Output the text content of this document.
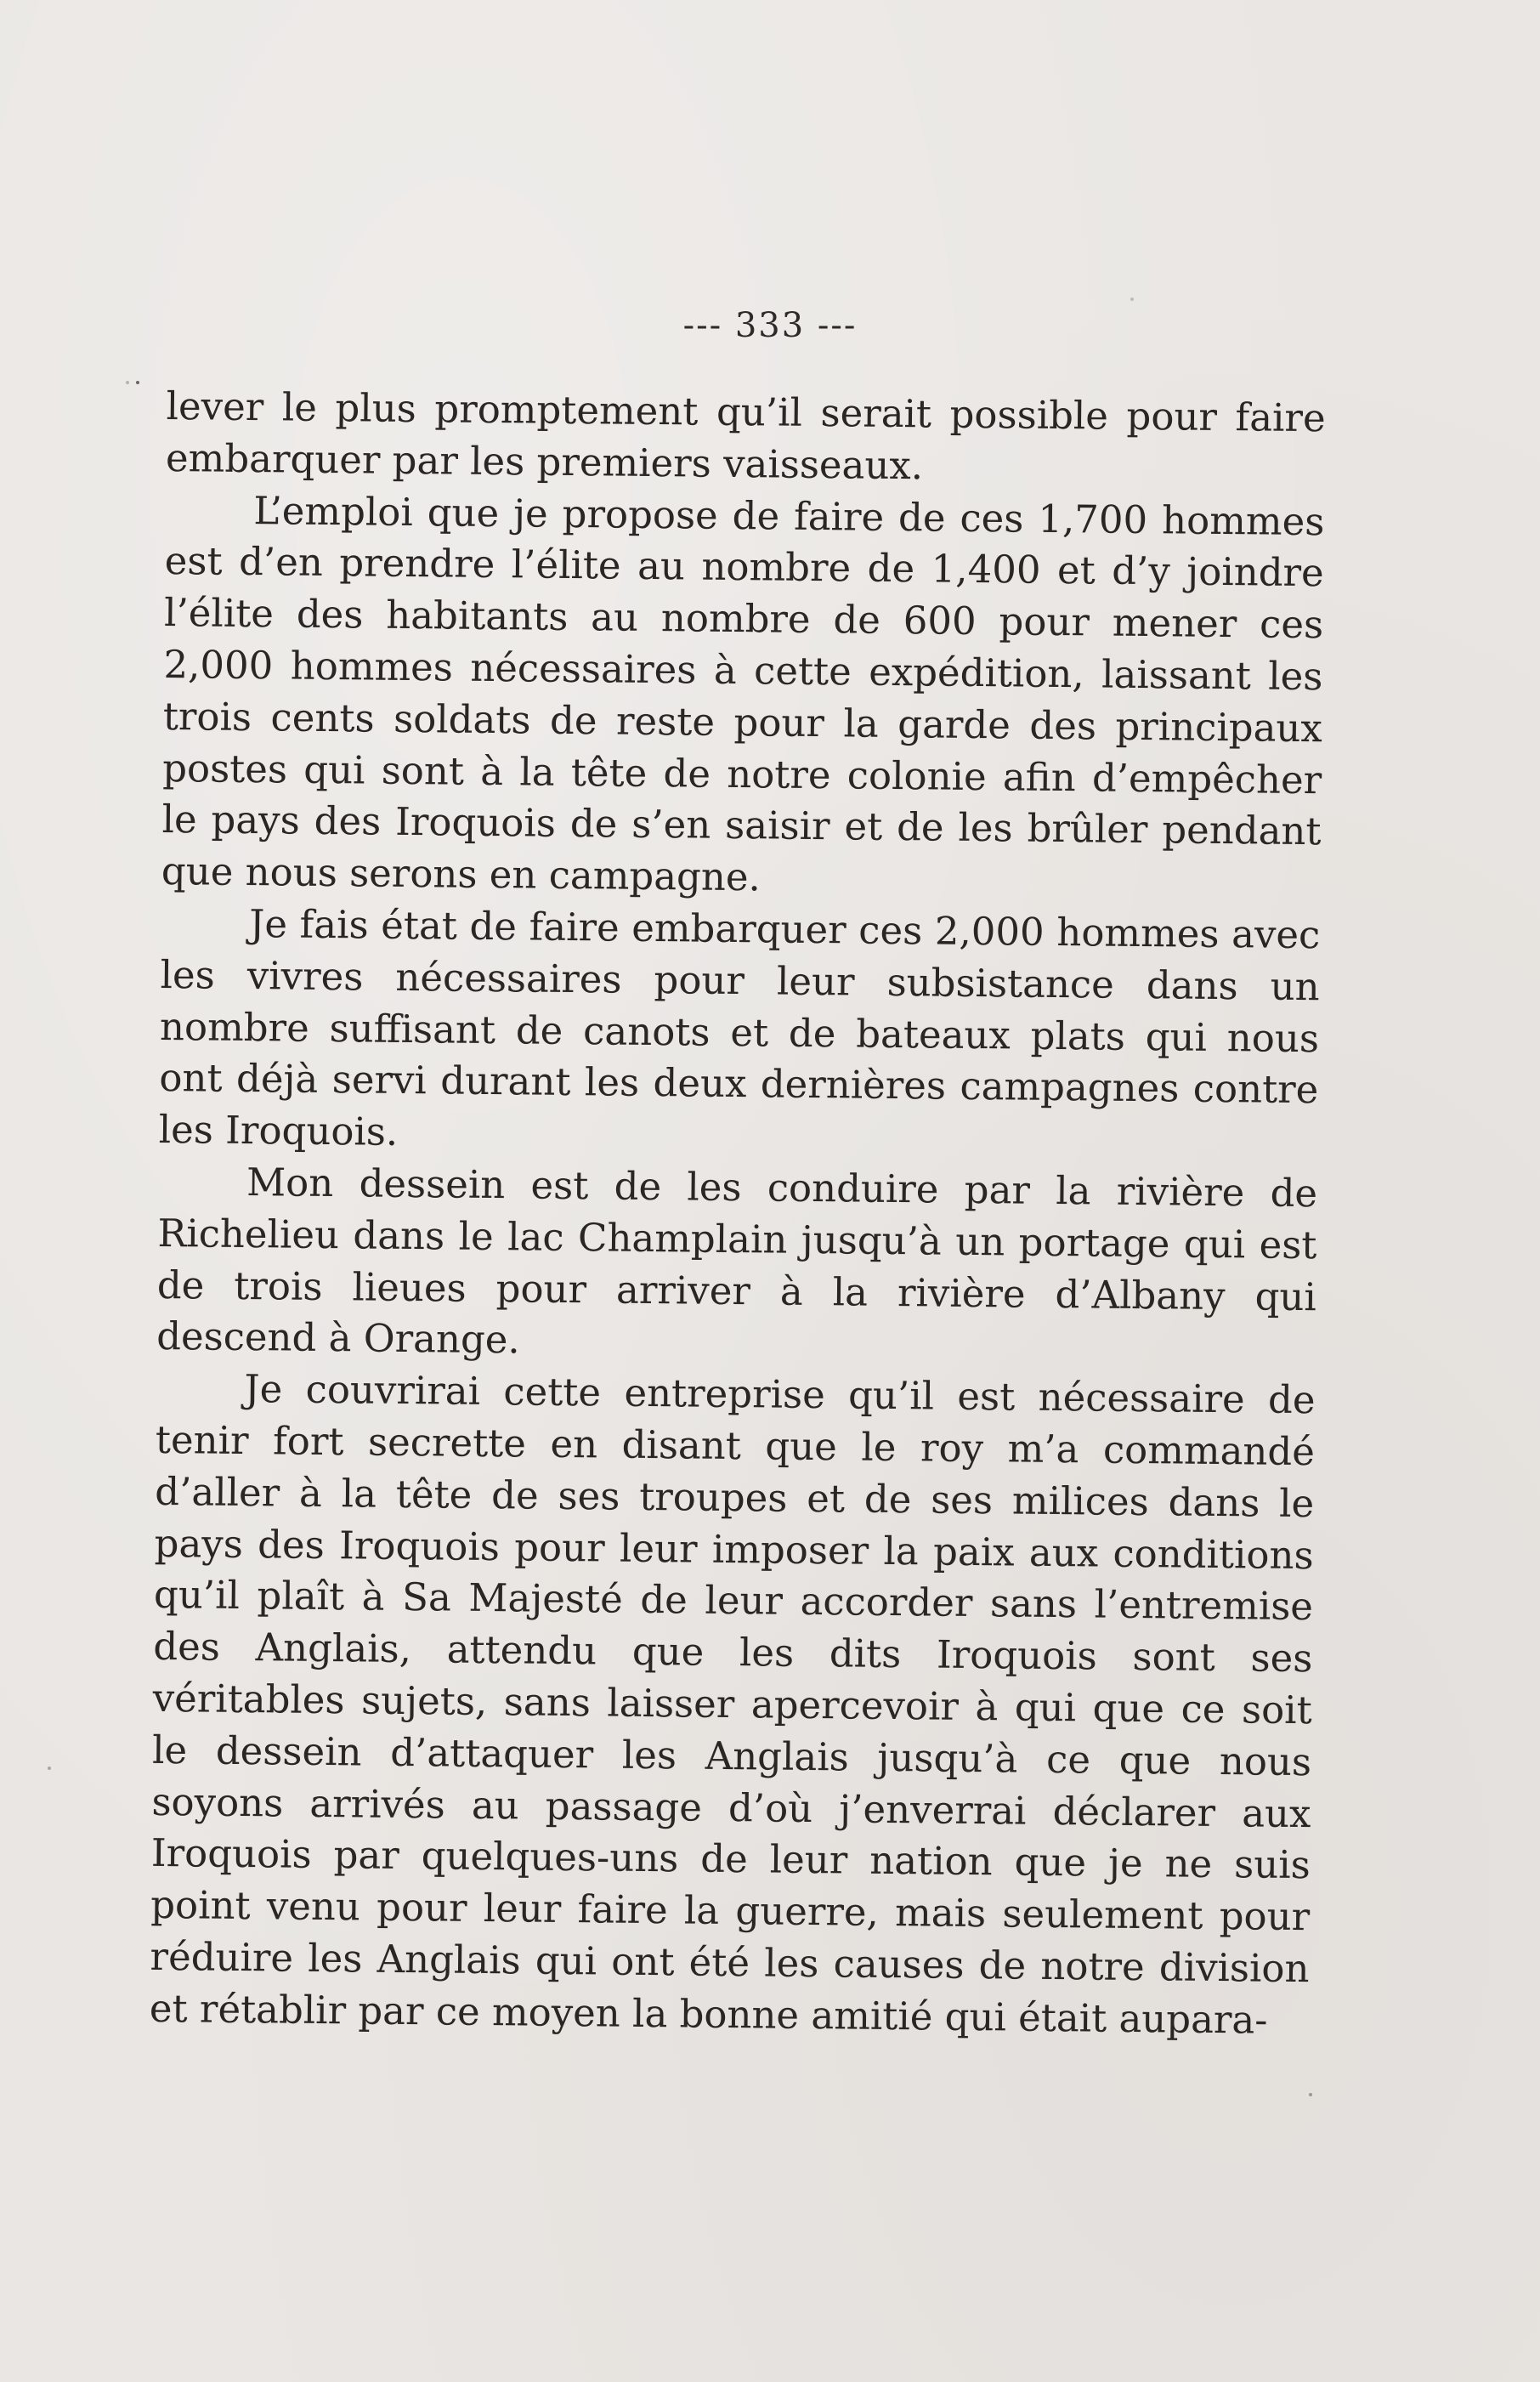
--- 333 ---

lever le plus promptement qu’il serait possible pour faire embarquer par les premiers vaisseaux.

L’emploi que je propose de faire de ces 1,700 hommes est d’en prendre l’élite au nombre de 1,400 et d’y joindre l’élite des habitants au nombre de 600 pour mener ces 2,000 hommes nécessaires à cette expédition, laissant les trois cents soldats de reste pour la garde des principaux postes qui sont à la tête de notre colonie afin d’empêcher le pays des Iroquois de s’en saisir et de les brûler pendant que nous serons en campagne.

Je fais état de faire embarquer ces 2,000 hommes avec les vivres nécessaires pour leur subsistance dans un nombre suffisant de canots et de bateaux plats qui nous ont déjà servi durant les deux dernières campagnes contre les Iroquois.

Mon dessein est de les conduire par la rivière de Richelieu dans le lac Champlain jusqu’à un portage qui est de trois lieues pour arriver à la rivière d’Albany qui descend à Orange.

Je couvrirai cette entreprise qu’il est nécessaire de tenir fort secrette en disant que le roy m’a commandé d’aller à la tête de ses troupes et de ses milices dans le pays des Iroquois pour leur imposer la paix aux conditions qu’il plaît à Sa Majesté de leur accorder sans l’entremise des Anglais, attendu que les dits Iroquois sont ses véritables sujets, sans laisser apercevoir à qui que ce soit le dessein d’attaquer les Anglais jusqu’à ce que nous soyons arrivés au passage d’où j’enverrai déclarer aux Iroquois par quelques-uns de leur nation que je ne suis point venu pour leur faire la guerre, mais seulement pour réduire les Anglais qui ont été les causes de notre division et rétablir par ce moyen la bonne amitié qui était aupara-
